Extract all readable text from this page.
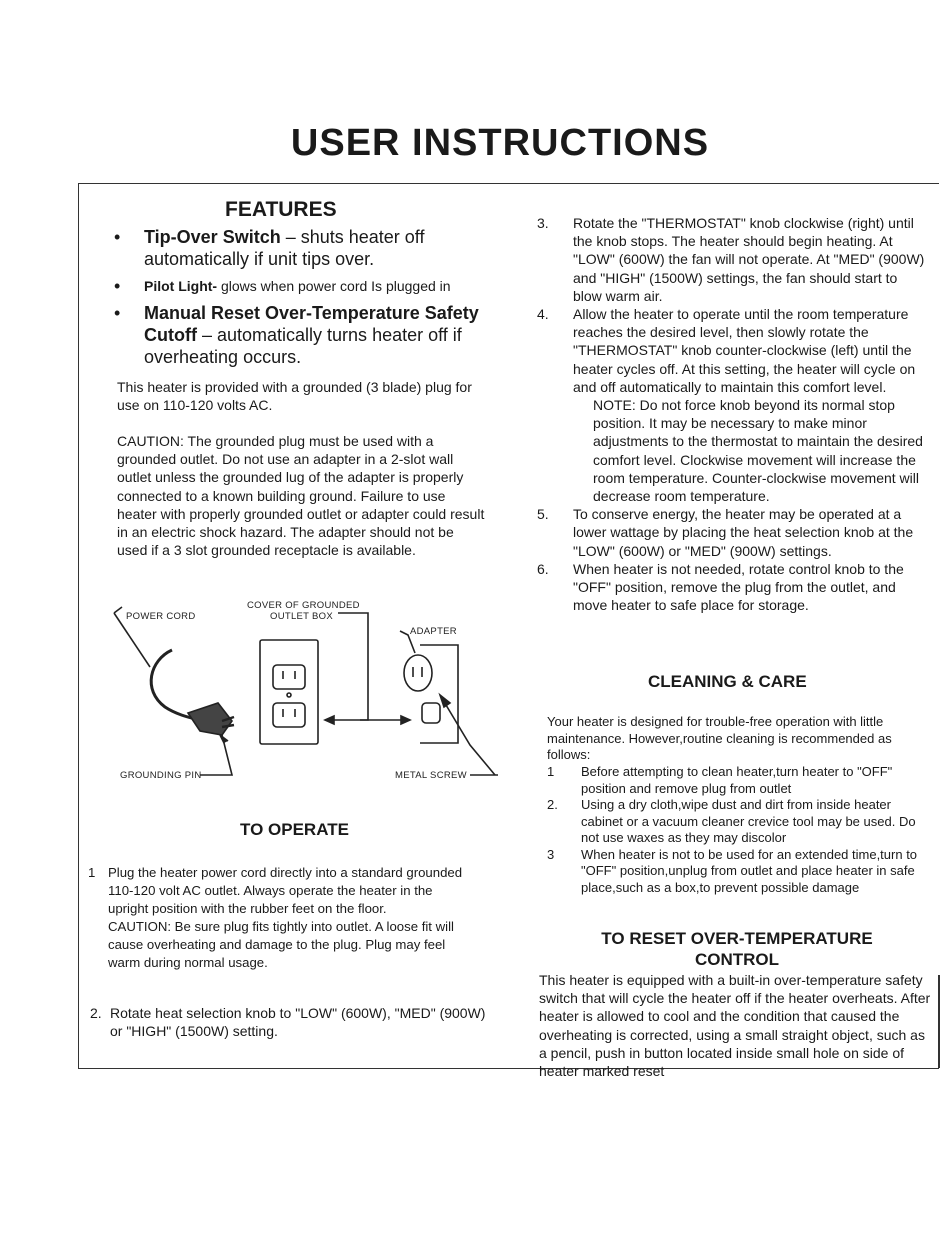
USER INSTRUCTIONS
FEATURES
• Tip-Over Switch – shuts heater off automatically if unit tips over.
• Pilot Light- glows when power cord Is plugged in
• Manual Reset Over-Temperature Safety Cutoff – automatically turns heater off if overheating occurs.
This heater is provided with a grounded (3 blade) plug for use on 110-120 volts AC.
CAUTION: The grounded plug must be used with a grounded outlet. Do not use an adapter in a 2-slot wall outlet unless the grounded lug of the adapter is properly connected to a known building ground. Failure to use heater with properly grounded outlet or adapter could result in an electric shock hazard. The adapter should not be used if a 3 slot grounded receptacle is available.
POWER CORD
COVER OF GROUNDED
OUTLET BOX
ADAPTER
GROUNDING PIN	METAL SCREW
TO OPERATE
1 Plug the heater power cord directly into a standard grounded 110-120 volt AC outlet. Always operate the heater in the upright position with the rubber feet on the floor.
CAUTION: Be sure plug fits tightly into outlet. A loose fit will cause overheating and damage to the plug. Plug may feel warm during normal usage.
2. Rotate heat selection knob to "LOW" (600W), "MED" (900W) or "HIGH" (1500W) setting.
3. Rotate the "THERMOSTAT" knob clockwise (right) until the knob stops. The heater should begin heating. At "LOW" (600W) the fan will not operate. At "MED" (900W) and "HIGH" (1500W) settings, the fan should start to blow warm air.
4. Allow the heater to operate until the room temperature reaches the desired level, then slowly rotate the "THERMOSTAT" knob counter-clockwise (left) until the heater cycles off. At this setting, the heater will cycle on and off automatically to maintain this comfort level.
NOTE: Do not force knob beyond its normal stop position. It may be necessary to make minor adjustments to the thermostat to maintain the desired comfort level. Clockwise movement will increase the room temperature. Counter-clockwise movement will decrease room temperature.
5. To conserve energy, the heater may be operated at a lower wattage by placing the heat selection knob at the "LOW" (600W) or "MED" (900W) settings.
6. When heater is not needed, rotate control knob to the "OFF" position, remove the plug from the outlet, and move heater to safe place for storage.
CLEANING & CARE
Your heater is designed for trouble-free operation with little maintenance. However,routine cleaning is recommended as follows:
1 Before attempting to clean heater,turn heater to "OFF" position and remove plug from outlet
2. Using a dry cloth,wipe dust and dirt from inside heater cabinet or a vacuum cleaner crevice tool may be used. Do not use waxes as they may discolor
3 When heater is not to be used for an extended time,turn to "OFF" position,unplug from outlet and place heater in safe place,such as a box,to prevent possible damage
TO RESET OVER-TEMPERATURE
CONTROL
This heater is equipped with a built-in over-temperature safety switch that will cycle the heater off if the heater overheats. After heater is allowed to cool and the condition that caused the overheating is corrected, using a small straight object, such as a pencil, push in button located inside small hole on side of heater marked reset
